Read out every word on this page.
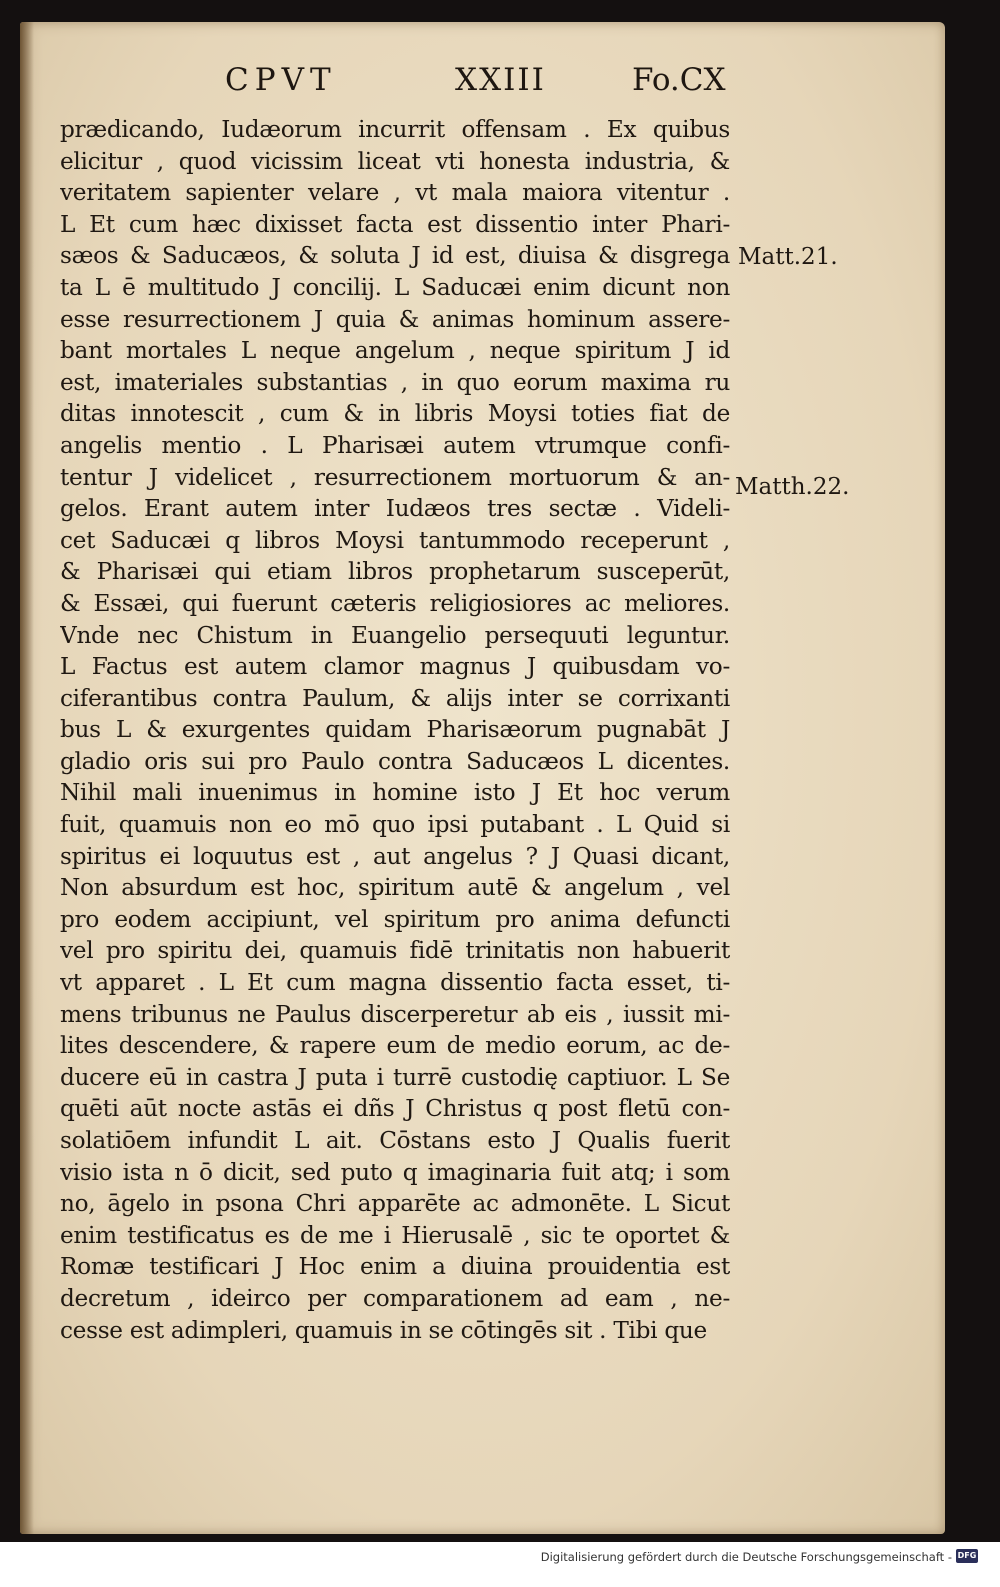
CPVT	XXIII	Fo.CX
prædicando, Iudæorum incurrit offensam . Ex quibus
elicitur , quod vicissim liceat vti honesta industria, &
veritatem sapienter velare , vt mala maiora vitentur .
L Et cum hæc dixisset facta est dissentio inter Phari-
sæos & Saducæos, & soluta J id est, diuisa & disgrega
ta L ē multitudo J concilij. L Saducæi enim dicunt non
esse resurrectionem J quia & animas hominum assere-
bant mortales L neque angelum , neque spiritum J id
est, imateriales substantias , in quo eorum maxima ru
ditas innotescit , cum & in libris Moysi toties fiat de
angelis mentio . L Pharisæi autem vtrumque confi-
tentur J videlicet , resurrectionem mortuorum & an-
gelos. Erant autem inter Iudæos tres sectæ . Videli-
cet Saducæi q libros Moysi tantummodo receperunt ,
& Pharisæi qui etiam libros prophetarum susceperūt,
& Essæi, qui fuerunt cæteris religiosiores ac meliores.
Vnde nec Chistum in Euangelio persequuti leguntur.
L Factus est autem clamor magnus J quibusdam vo-
ciferantibus contra Paulum, & alijs inter se corrixanti
bus L & exurgentes quidam Pharisæorum pugnabāt J
gladio oris sui pro Paulo contra Saducæos L dicentes.
Nihil mali inuenimus in homine isto J Et hoc verum
fuit, quamuis non eo mō quo ipsi putabant . L Quid si
spiritus ei loquutus est , aut angelus ? J Quasi dicant,
Non absurdum est hoc, spiritum autē & angelum , vel
pro eodem accipiunt, vel spiritum pro anima defuncti
vel pro spiritu dei, quamuis fidē trinitatis non habuerit
vt apparet . L Et cum magna dissentio facta esset, ti-
mens tribunus ne Paulus discerperetur ab eis , iussit mi-
lites descendere, & rapere eum de medio eorum, ac de-
ducere eū in castra J puta i turrē custodię captiuor. L Se
quēti aūt nocte astās ei dñs J Christus q post fletū con-
solatiōem infundit L ait. Cōstans esto J Qualis fuerit
visio ista n ō dicit, sed puto q imaginaria fuit atq; i som
no, āgelo in psona Chri apparēte ac admonēte. L Sicut
enim testificatus es de me i Hierusalē , sic te oportet &
Romæ testificari J Hoc enim a diuina prouidentia est
decretum , ideirco per comparationem ad eam , ne-
cesse est adimpleri, quamuis in se cōtingēs sit . Tibi que
Matt.21.
Matth.22.
Digitalisierung gefördert durch die Deutsche Forschungsgemeinschaft - DFG
